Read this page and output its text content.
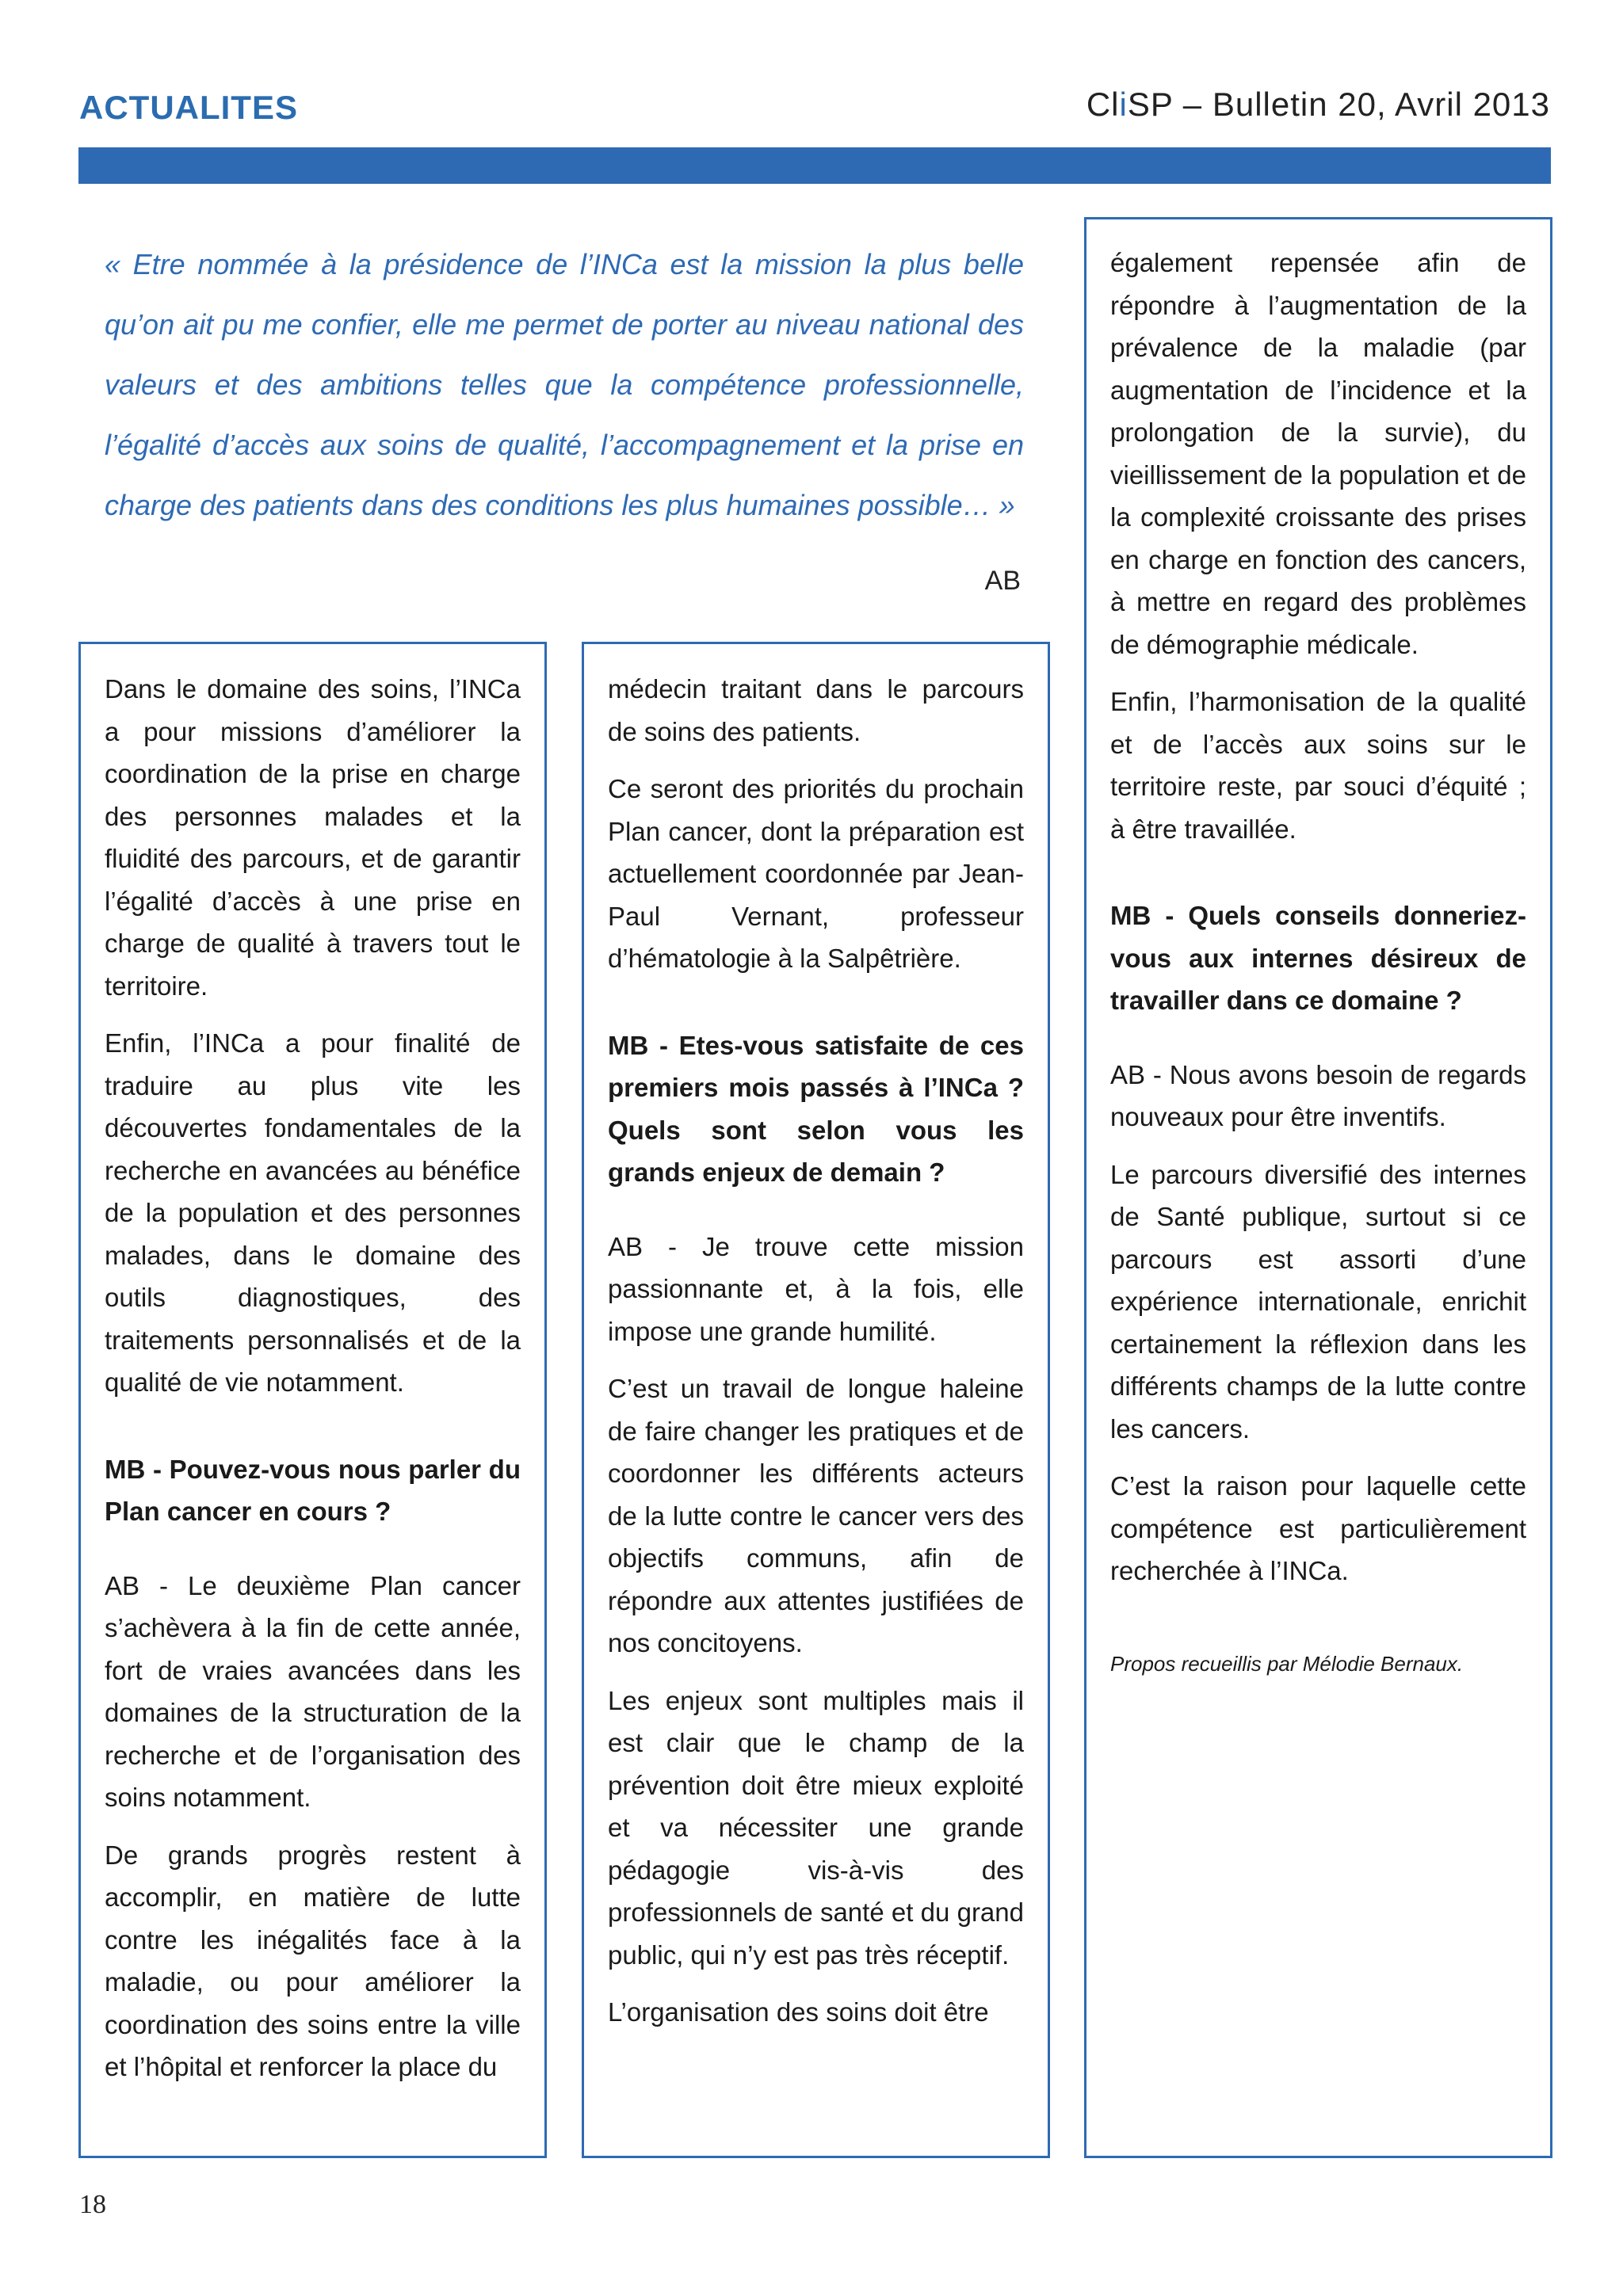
ACTUALITES	CliSP – Bulletin 20, Avril 2013
« Etre nommée à la présidence de l’INCa est la mission la plus belle qu’on ait pu me confier, elle me permet de porter au niveau national des valeurs et des ambitions telles que la compétence professionnelle, l’égalité d’accès aux soins de qualité, l’accompagnement et la prise en charge des patients dans des conditions les plus humaines possible… »
AB

Dans le domaine des soins, l’INCa a pour missions d’améliorer la coordination de la prise en charge des personnes malades et la fluidité des parcours, et de garantir l’égalité d’accès à une prise en charge de qualité à travers tout le territoire.

Enfin, l’INCa a pour finalité de traduire au plus vite les découvertes fondamentales de la recherche en avancées au bénéfice de la population et des personnes malades, dans le domaine des outils diagnostiques, des traitements personnalisés et de la qualité de vie notamment.

MB - Pouvez-vous nous parler du Plan cancer en cours ?

AB - Le deuxième Plan cancer s’achèvera à la fin de cette année, fort de vraies avancées dans les domaines de la structuration de la recherche et de l’organisation des soins notamment.

De grands progrès restent à accomplir, en matière de lutte contre les inégalités face à la maladie, ou pour améliorer la coordination des soins entre la ville et l’hôpital et renforcer la place du

médecin traitant dans le parcours de soins des patients.

Ce seront des priorités du prochain Plan cancer, dont la préparation est actuellement coordonnée par Jean-Paul Vernant, professeur d’hématologie à la Salpêtrière.

MB - Etes-vous satisfaite de ces premiers mois passés à l’INCa ? Quels sont selon vous les grands enjeux de demain ?

AB - Je trouve cette mission passionnante et, à la fois, elle impose une grande humilité.

C’est un travail de longue haleine de faire changer les pratiques et de coordonner les différents acteurs de la lutte contre le cancer vers des objectifs communs, afin de répondre aux attentes justifiées de nos concitoyens.

Les enjeux sont multiples mais il est clair que le champ de la prévention doit être mieux exploité et va nécessiter une grande pédagogie vis-à-vis des professionnels de santé et du grand public, qui n’y est pas très réceptif.

L’organisation des soins doit être

également repensée afin de répondre à l’augmentation de la prévalence de la maladie (par augmentation de l’incidence et la prolongation de la survie), du vieillissement de la population et de la complexité croissante des prises en charge en fonction des cancers, à mettre en regard des problèmes de démographie médicale.

Enfin, l’harmonisation de la qualité et de l’accès aux soins sur le territoire reste, par souci d’équité ; à être travaillée.

MB - Quels conseils donneriez-vous aux internes désireux de travailler dans ce domaine ?

AB - Nous avons besoin de regards nouveaux pour être inventifs.

Le parcours diversifié des internes de Santé publique, surtout si ce parcours est assorti d’une expérience internationale, enrichit certainement la réflexion dans les différents champs de la lutte contre les cancers.

C’est la raison pour laquelle cette compétence est particulièrement recherchée à l’INCa.

Propos recueillis par Mélodie Bernaux.

18
